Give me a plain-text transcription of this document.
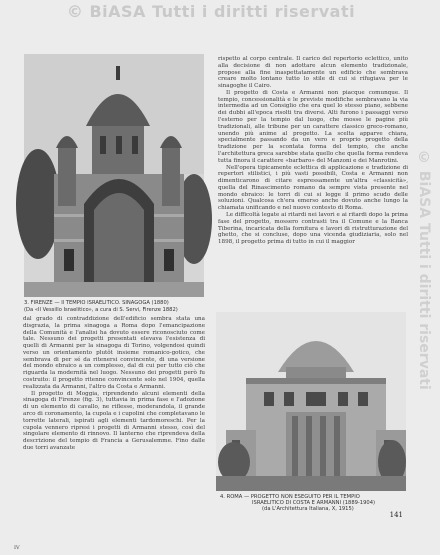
© BiASA Tutti i diritti riservati
© BiASA Tutti i diritti riservati
3. FIRENZE — Il TEMPIO ISRAELITICO. SINAGOGA (1880)
(Da «Il Vessillo Israelitico», a cura di S. Servi, Firenze 1882)

rispetto al corpo centrale. Il carico del repertorio eclettico, unito alla decisione di non adottare alcun elemento tradizionale, propose alla fine inaspettatamente un edificio che sembrava creare molto lontano tutto lo stile di cui si rifugiava per le sinagoghe il Cairo.

Il progetto di Costa e Armanni non piacque comunque. Il tempio, concessionalità e le previste modifiche sembravano la via intermedia ad un Consiglio che era quel lo stesso piano, sebbene dei dubbi all'epoca risolti tra diversi. Alti furono i passaggi verso l'esterno per la tempio dal luogo, che mosse le pagine più tradizionali, alle tribune per un carattere classico greco-romano, unendo più anime al progetto. La scelta apparve chiara, specialmente passando da un vero e proprio progetto della tradizione per la scontata forma del tempio, che anche l'architettura greca sarebbe stata quello che quella forma rendeva tutta finora il carattere «barbaro» del Manzoni e dei Manrotini.

Nell'opera tipicamente eclettica di applicazione e tradizione di repertori stilistici, i più vasti possibili, Costa e Armanni non dimenticarono di citare espressamente un'altra «classicità», quella del Rinascimento romano da sempre vista presente nel mondo ebraico: le torri di cui si legge il primo scudo delle soluzioni. Qualcosa ch'era emerso anche dovuto anche lungo la chiamata unificando e nel nuovo contesto di Roma.

Le difficoltà legate ai ritardi nei lavori e ai ritardi dopo la prima fase del progetto, mossero contrasti tra il Comune e la Banca Tiberina, incaricata della fornitura e lavori di ristrutturazione del ghetto, che si concluse, dopo una vicenda giudiziaria, solo nel 1898, il progetto prima di tutto in cui il maggior

dal grado di contraddizione dell'edificio sembra stata una disgrazia, la prima sinagoga a Roma dopo l'emancipazione della Comunità e l'analisi ha dovuto essere riconosciuto come tale. Nessuno dei progetti presentati elevava l'esistenza di quelli di Armanni per la sinagoga di Torino, volgendosi quindi verso un orientamento plutôt insieme romanico-gotico, che sembrava di per sé da ritenersi convincente, di una versione del mondo ebraico a un complesso, dal di cui per tutto ciò che riguarda la modernità nel luogo. Nessuno dei progetti però fu costruito: il progetto ritenne convincente solo nel 1904, quella realizzata da Armanni, l'altro da Costa e Armanni.

Il progetto di Moggia, riprendendo alcuni elementi della sinagoga di Firenze (fig. 3), tuttavia in prima fase e l'adozione di un elemento di cavallo, ne riflesse, moderandola, il grande arco di coronamento, la cupola e i cupolini che completavano le torrette laterali, ispirati agli elementi tardomoreschi. Per la cupola vennero ripresi i progetti di Armanni stesso, così del singolare elemento di rinnovo. Il lanterno che riprendeva della descrizione del tempio di Francia a Gerusalemme. Fino dalle due torri avanzate

4. ROMA — PROGETTO NON ESEGUITO PER IL TEMPIO
ISRAELITICO DI COSTA E ARMANNI (1889-1904)
(da L'Architettura Italiana, X, 1915)
141
IV
